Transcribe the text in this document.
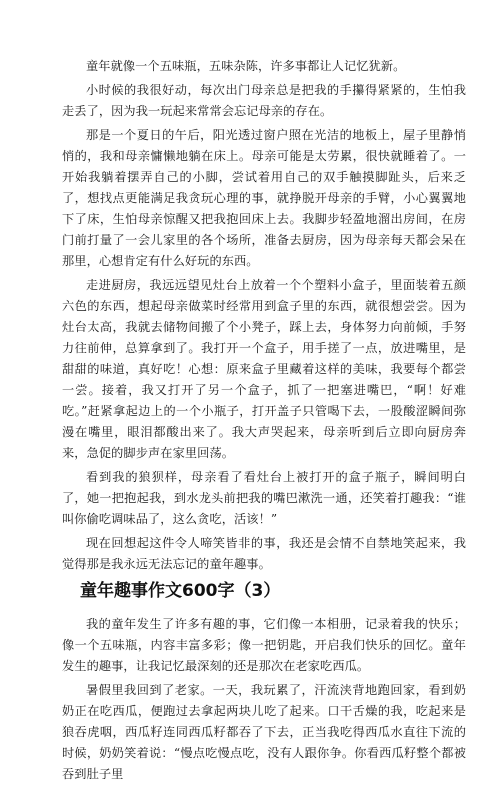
童年就像一个五味瓶，五味杂陈，许多事都让人记忆犹新。

小时候的我很好动，每次出门母亲总是把我的手攥得紧紧的，生怕我走丢了，因为我一玩起来常常会忘记母亲的存在。

那是一个夏日的午后，阳光透过窗户照在光洁的地板上，屋子里静悄悄的，我和母亲慵懒地躺在床上。母亲可能是太劳累，很快就睡着了。一开始我躺着摆弄自己的小脚，尝试着用自己的双手触摸脚趾头，后来乏了，想找点更能满足我贪玩心理的事，就挣脱开母亲的手臂，小心翼翼地下了床，生怕母亲惊醒又把我抱回床上去。我脚步轻盈地溜出房间，在房门前打量了一会儿家里的各个场所，准备去厨房，因为母亲每天都会呆在那里，心想肯定有什么好玩的东西。

走进厨房，我远远望见灶台上放着一个个塑料小盒子，里面装着五颜六色的东西，想起母亲做菜时经常用到盒子里的东西，就很想尝尝。因为灶台太高，我就去储物间搬了个小凳子，踩上去，身体努力向前倾，手努力往前伸，总算拿到了。我打开一个盒子，用手搓了一点，放进嘴里，是甜甜的味道，真好吃！心想：原来盒子里藏着这样的美味，我要每个都尝一尝。接着，我又打开了另一个盒子，抓了一把塞进嘴巴，“啊！好难吃。”赶紧拿起边上的一个小瓶子，打开盖子只管喝下去，一股酸涩瞬间弥漫在嘴里，眼泪都酸出来了。我大声哭起来，母亲听到后立即向厨房奔来，急促的脚步声在家里回荡。

看到我的狼狈样，母亲看了看灶台上被打开的盒子瓶子，瞬间明白了，她一把抱起我，到水龙头前把我的嘴巴漱洗一通，还笑着打趣我：“谁叫你偷吃调味品了，这么贪吃，活该！”

现在回想起这件令人啼笑皆非的事，我还是会情不自禁地笑起来，我觉得那是我永远无法忘记的童年趣事。

童年趣事作文600字（3）

我的童年发生了许多有趣的事，它们像一本相册，记录着我的快乐；像一个五味瓶，内容丰富多彩；像一把钥匙，开启我们快乐的回忆。童年发生的趣事，让我记忆最深刻的还是那次在老家吃西瓜。

暑假里我回到了老家。一天，我玩累了，汗流浃背地跑回家，看到奶奶正在吃西瓜，便跑过去拿起两块儿吃了起来。口干舌燥的我，吃起来是狼吞虎咽，西瓜籽连同西瓜籽都吞了下去，正当我吃得西瓜水直往下流的时候，奶奶笑着说：“慢点吃慢点吃，没有人跟你争。你看西瓜籽整个都被吞到肚子里
